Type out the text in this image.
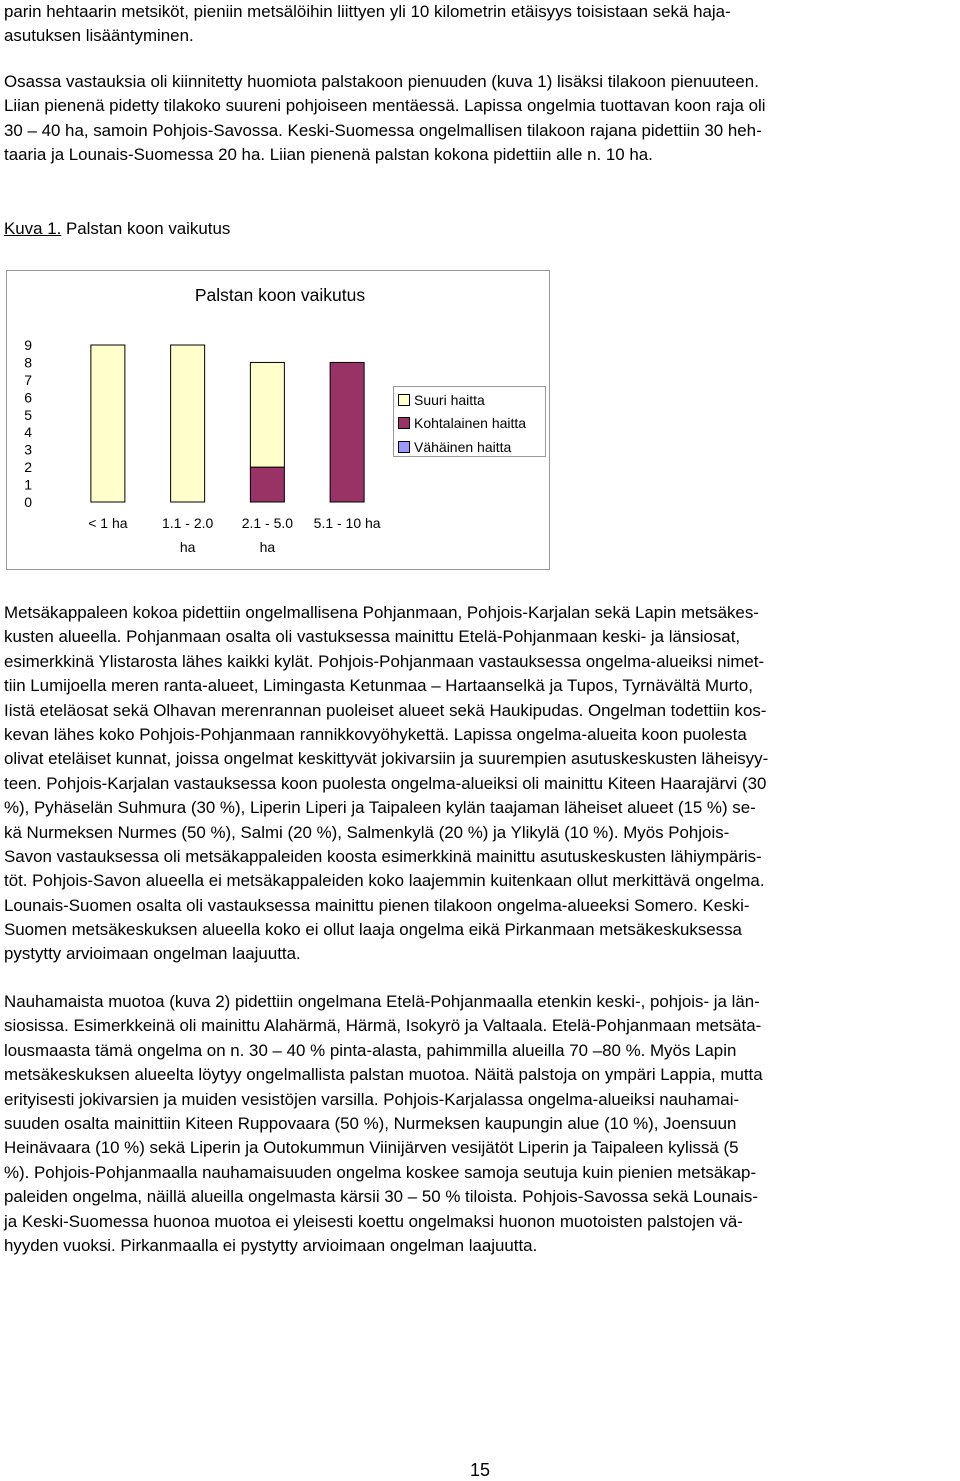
parin hehtaarin metsiköt, pieniin metsälöihin liittyen yli 10 kilometrin etäisyys toisistaan sekä haja-
asutuksen lisääntyminen.
Osassa vastauksia oli kiinnitetty huomiota palstakoon pienuuden (kuva 1) lisäksi tilakoon pienuuteen.
Liian pienenä pidetty tilakoko suureni pohjoiseen mentäessä. Lapissa ongelmia tuottavan koon raja oli
30 – 40 ha, samoin Pohjois-Savossa. Keski-Suomessa ongelmallisen tilakoon rajana pidettiin 30 heh-
taaria ja Lounais-Suomessa 20 ha. Liian pienenä palstan kokona pidettiin alle n. 10 ha.
Kuva 1. Palstan koon vaikutus
Palstan koon vaikutus
0
1
2
3
4
5
6
7
8
9
< 1 ha 1.1 - 2.0
ha
2.1 - 5.0
ha
5.1 - 10 ha
Suuri haitta
Kohtalainen haitta
Vähäinen haitta
Metsäkappaleen kokoa pidettiin ongelmallisena Pohjanmaan, Pohjois-Karjalan sekä Lapin metsäkes-
kusten alueella. Pohjanmaan osalta oli vastuksessa mainittu Etelä-Pohjanmaan keski- ja länsiosat,
esimerkkinä Ylistarosta lähes kaikki kylät. Pohjois-Pohjanmaan vastauksessa ongelma-alueiksi nimet-
tiin Lumijoella meren ranta-alueet, Limingasta Ketunmaa – Hartaanselkä ja Tupos, Tyrnävältä Murto,
Iistä eteläosat sekä Olhavan merenrannan puoleiset alueet sekä Haukipudas. Ongelman todettiin kos-
kevan lähes koko Pohjois-Pohjanmaan rannikkovyöhykettä. Lapissa ongelma-alueita koon puolesta
olivat eteläiset kunnat, joissa ongelmat keskittyvät jokivarsiin ja suurempien asutuskeskusten läheisyy-
teen. Pohjois-Karjalan vastauksessa koon puolesta ongelma-alueiksi oli mainittu Kiteen Haarajärvi (30
%), Pyhäselän Suhmura (30 %), Liperin Liperi ja Taipaleen kylän taajaman läheiset alueet (15 %) se-
kä Nurmeksen Nurmes (50 %), Salmi (20 %), Salmenkylä (20 %) ja Ylikylä (10 %). Myös Pohjois-
Savon vastauksessa oli metsäkappaleiden koosta esimerkkinä mainittu asutuskeskusten lähiympäris-
töt. Pohjois-Savon alueella ei metsäkappaleiden koko laajemmin kuitenkaan ollut merkittävä ongelma.
Lounais-Suomen osalta oli vastauksessa mainittu pienen tilakoon ongelma-alueeksi Somero. Keski-
Suomen metsäkeskuksen alueella koko ei ollut laaja ongelma eikä Pirkanmaan metsäkeskuksessa
pystytty arvioimaan ongelman laajuutta.
Nauhamaista muotoa (kuva 2) pidettiin ongelmana Etelä-Pohjanmaalla etenkin keski-, pohjois- ja län-
siosissa. Esimerkkeinä oli mainittu Alahärmä, Härmä, Isokyrö ja Valtaala. Etelä-Pohjanmaan metsäta-
lousmaasta tämä ongelma on n. 30 – 40 % pinta-alasta, pahimmilla alueilla 70 –80 %. Myös Lapin
metsäkeskuksen alueelta löytyy ongelmallista palstan muotoa. Näitä palstoja on ympäri Lappia, mutta
erityisesti jokivarsien ja muiden vesistöjen varsilla. Pohjois-Karjalassa ongelma-alueiksi nauhamai-
suuden osalta mainittiin Kiteen Ruppovaara (50 %), Nurmeksen kaupungin alue (10 %), Joensuun
Heinävaara (10 %) sekä Liperin ja Outokummun Viinijärven vesijätöt Liperin ja Taipaleen kylissä (5
%). Pohjois-Pohjanmaalla nauhamaisuuden ongelma koskee samoja seutuja kuin pienien metsäkap-
paleiden ongelma, näillä alueilla ongelmasta kärsii 30 – 50 % tiloista. Pohjois-Savossa sekä Lounais-
ja Keski-Suomessa huonoa muotoa ei yleisesti koettu ongelmaksi huonon muotoisten palstojen vä-
hyyden vuoksi. Pirkanmaalla ei pystytty arvioimaan ongelman laajuutta.
15
